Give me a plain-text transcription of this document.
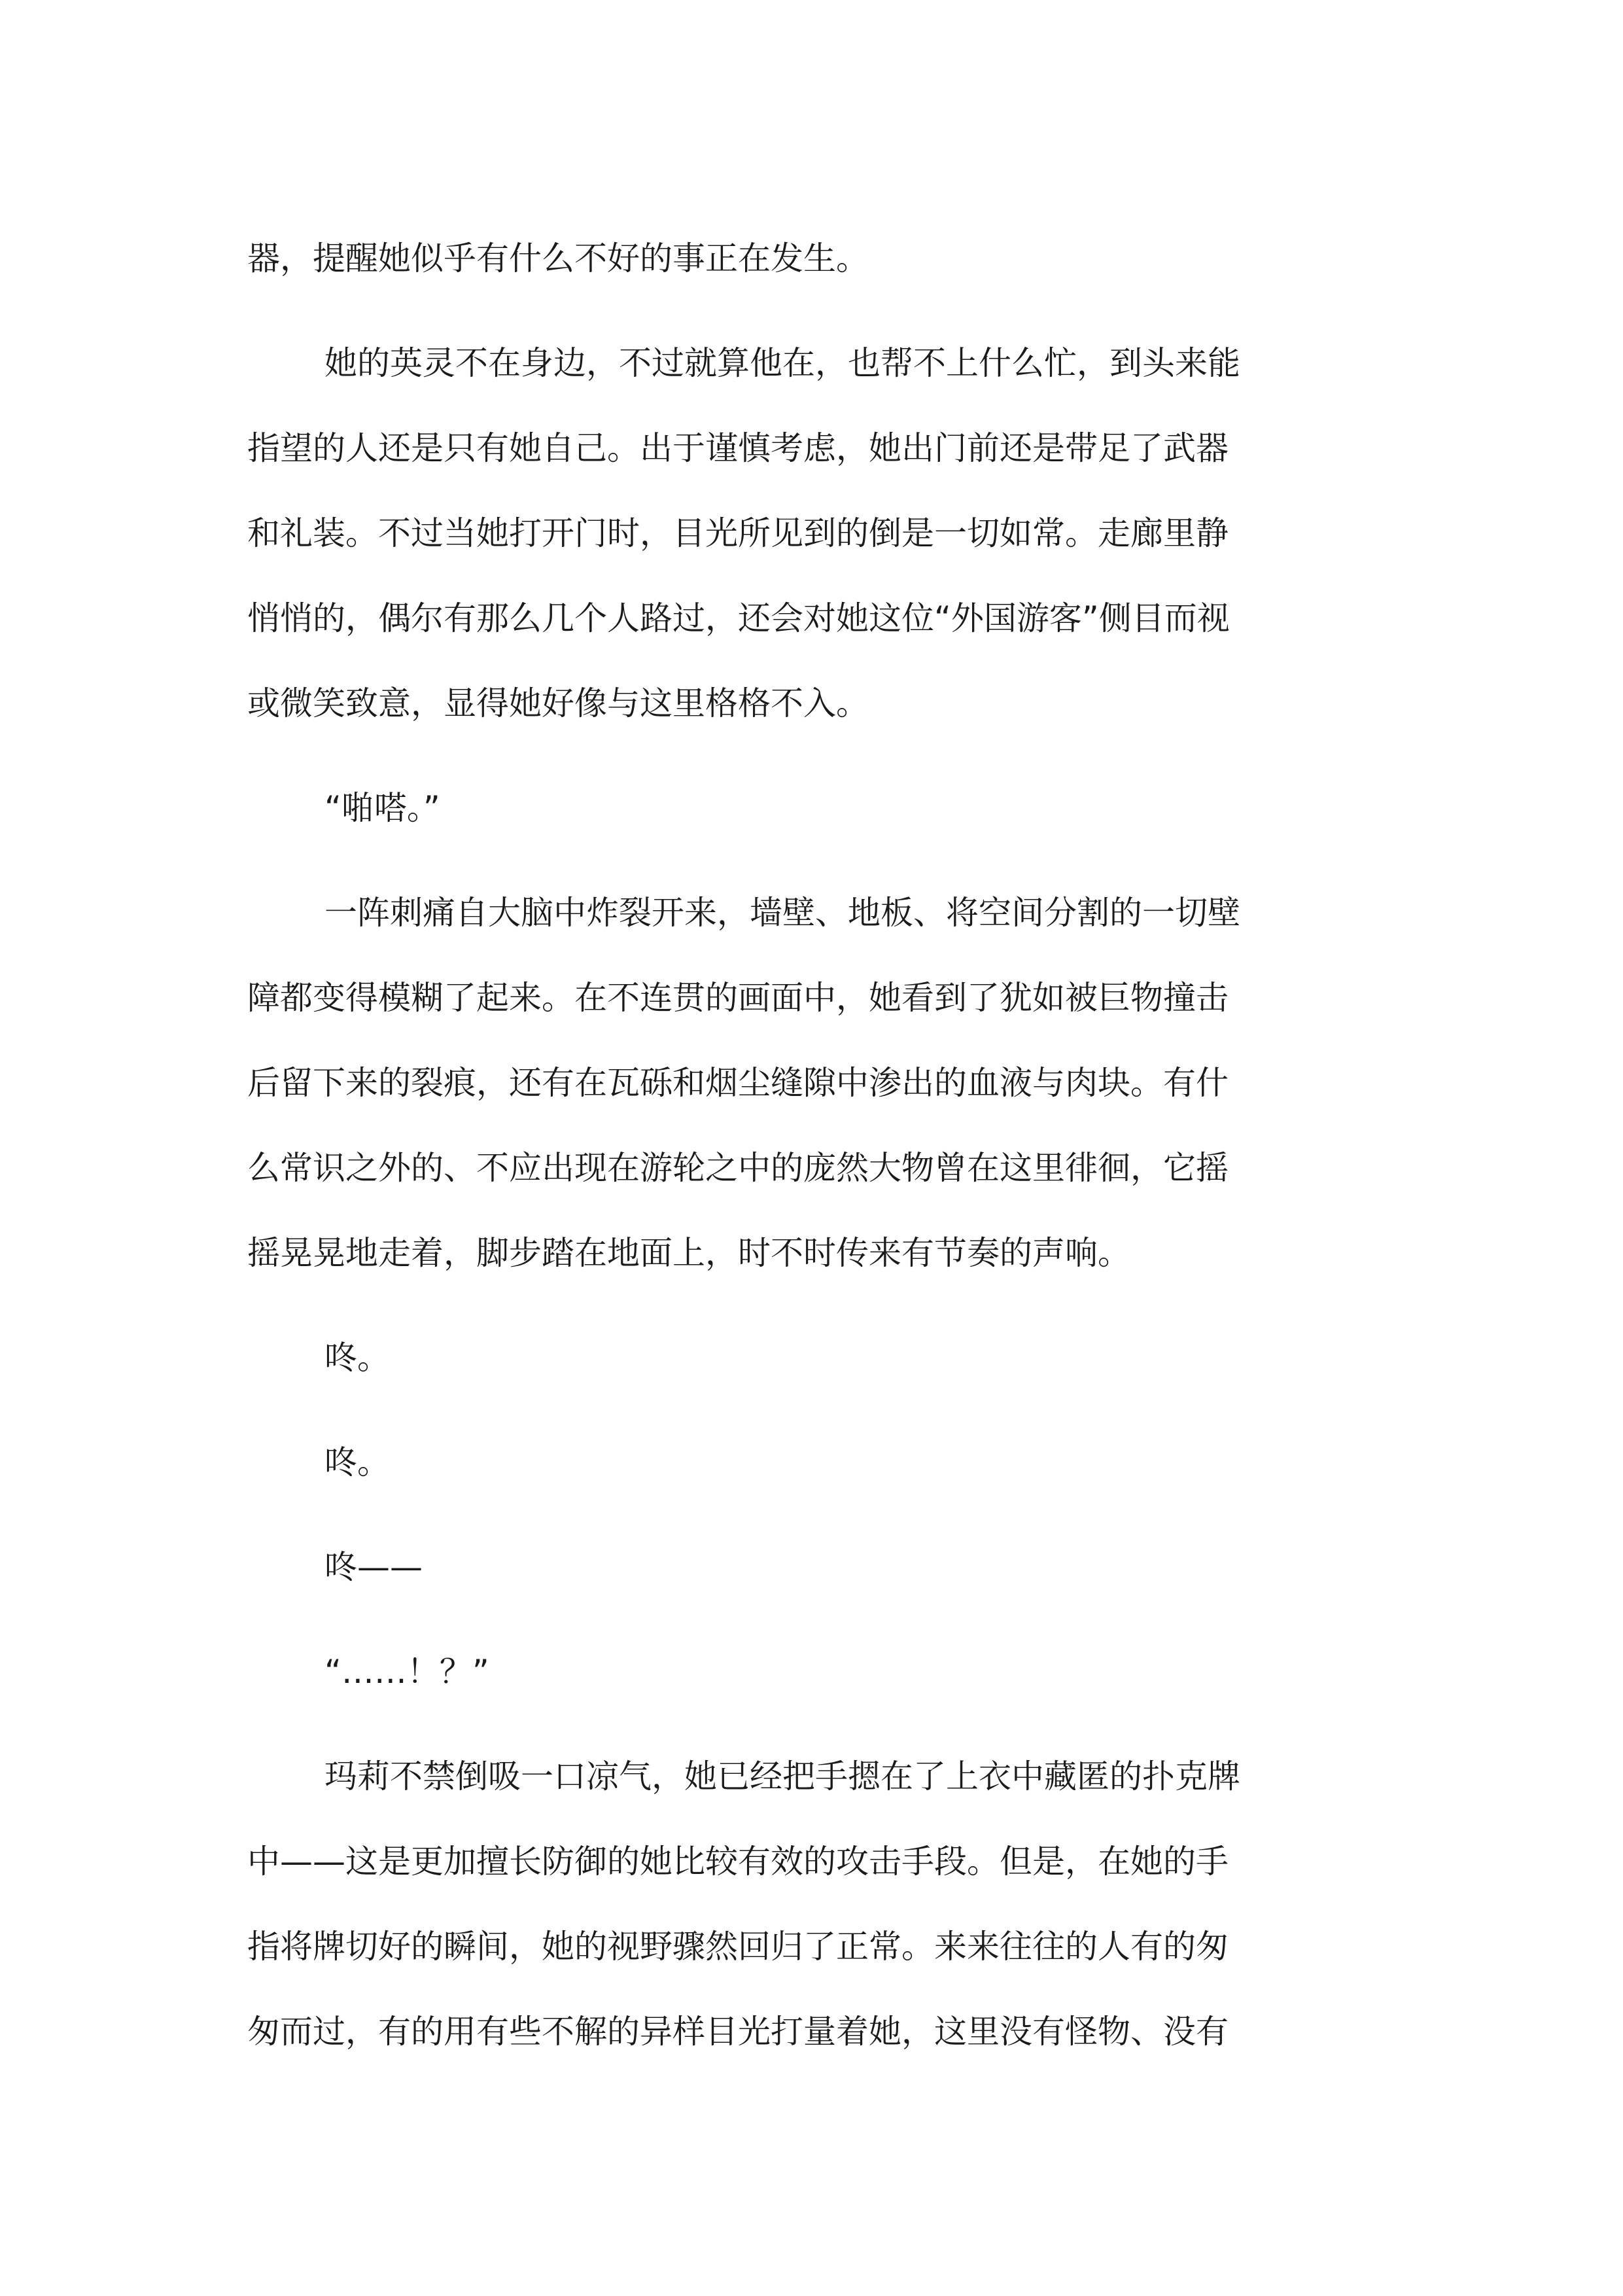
器，提醒她似乎有什么不好的事正在发生。
她的英灵不在身边，不过就算他在，也帮不上什么忙，到头来能
指望的人还是只有她自己。出于谨慎考虑，她出门前还是带足了武器
和礼装。不过当她打开门时，目光所见到的倒是一切如常。走廊里静
悄悄的，偶尔有那么几个人路过，还会对她这位“外国游客”侧目而视
或微笑致意，显得她好像与这里格格不入。
“啪嗒。”
一阵刺痛自大脑中炸裂开来，墙壁、地板、将空间分割的一切壁
障都变得模糊了起来。在不连贯的画面中，她看到了犹如被巨物撞击
后留下来的裂痕，还有在瓦砾和烟尘缝隙中渗出的血液与肉块。有什
么常识之外的、不应出现在游轮之中的庞然大物曾在这里徘徊，它摇
摇晃晃地走着，脚步踏在地面上，时不时传来有节奏的声响。
咚。
咚。
咚——
“……！？”
玛莉不禁倒吸一口凉气，她已经把手摁在了上衣中藏匿的扑克牌
中——这是更加擅长防御的她比较有效的攻击手段。但是，在她的手
指将牌切好的瞬间，她的视野骤然回归了正常。来来往往的人有的匆
匆而过，有的用有些不解的异样目光打量着她，这里没有怪物、没有
